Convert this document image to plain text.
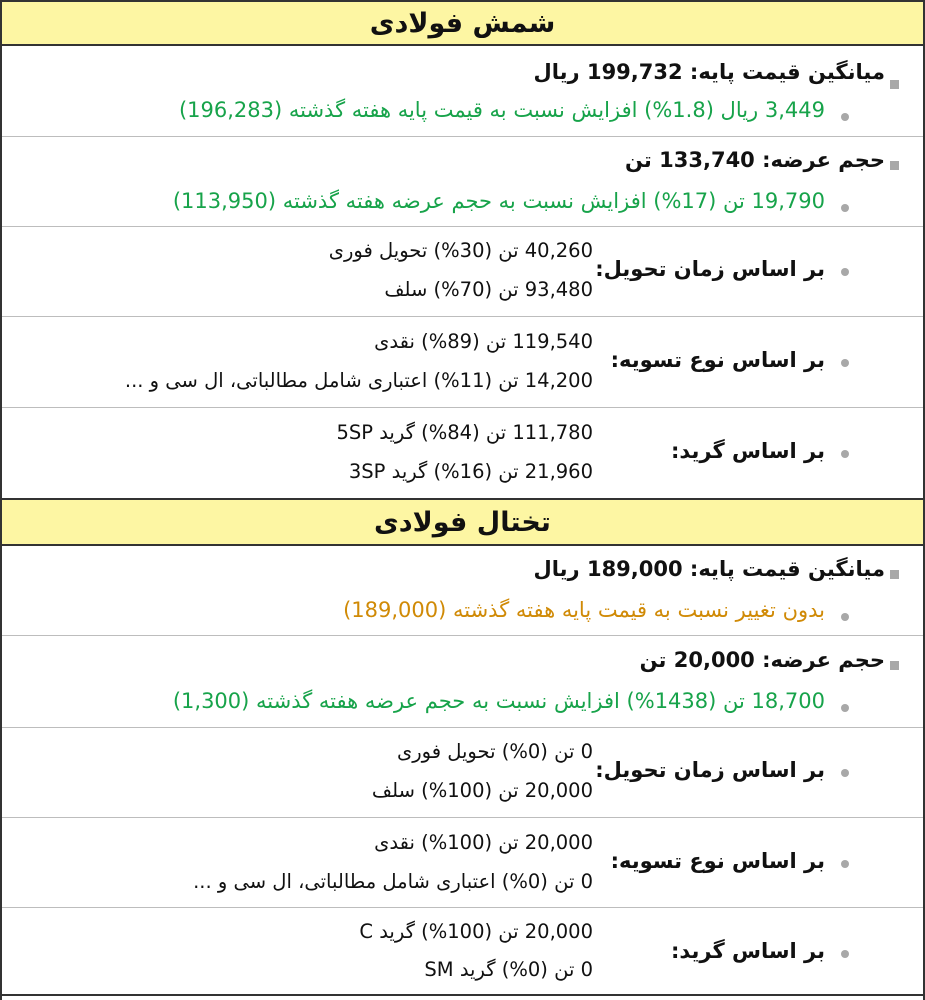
شمش فولادی
میانگین قیمت پایه: 199,732 ریال
3,449 ریال (1.8%) افزایش نسبت به قیمت پایه هفته گذشته (196,283)
حجم عرضه: 133,740 تن
19,790 تن (17%) افزایش نسبت به حجم عرضه هفته گذشته (113,950)
بر اساس زمان تحویل:
40,260 تن (30%) تحویل فوری
93,480 تن (70%) سلف
بر اساس نوع تسویه:
119,540 تن (89%) نقدی
14,200 تن (11%) اعتباری شامل مطالباتی، ال سی و ...
بر اساس گرید:
111,780 تن (84%) گرید 5SP
21,960 تن (16%) گرید 3SP
تختال فولادی
میانگین قیمت پایه: 189,000 ریال
بدون تغییر نسبت به قیمت پایه هفته گذشته (189,000)
حجم عرضه: 20,000 تن
18,700 تن (1438%) افزایش نسبت به حجم عرضه هفته گذشته (1,300)
بر اساس زمان تحویل:
0 تن (0%) تحویل فوری
20,000 تن (100%) سلف
بر اساس نوع تسویه:
20,000 تن (100%) نقدی
0 تن (0%) اعتباری شامل مطالباتی، ال سی و ...
بر اساس گرید:
20,000 تن (100%) گرید C
0 تن (0%) گرید SM
